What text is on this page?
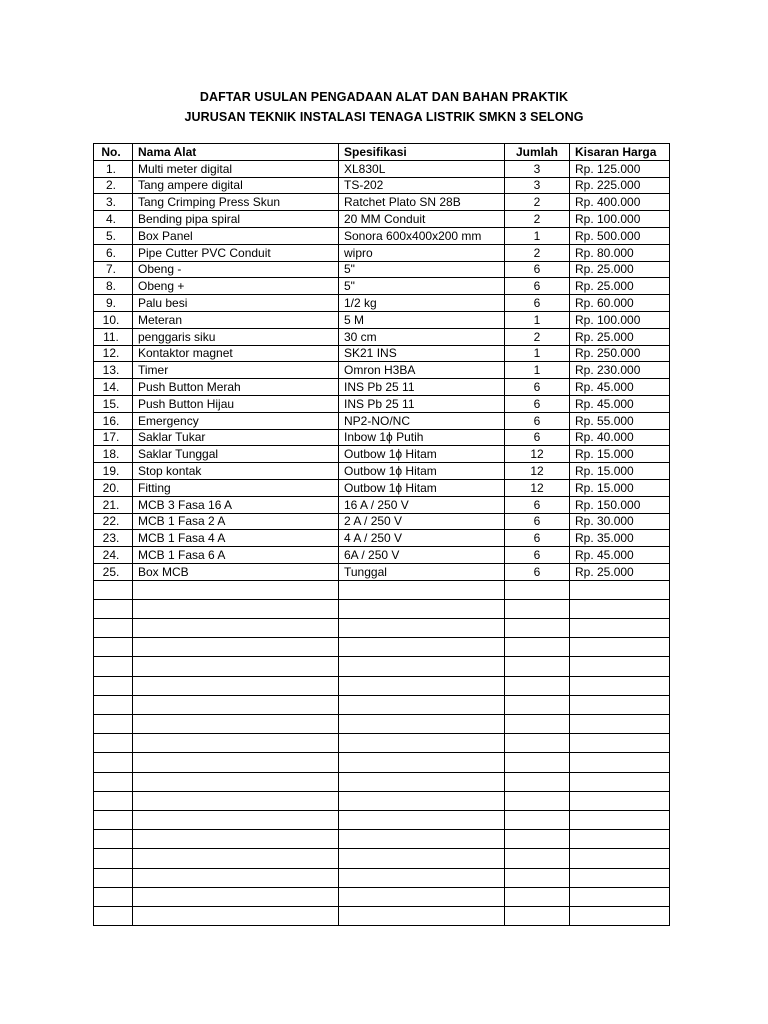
DAFTAR USULAN PENGADAAN ALAT DAN BAHAN PRAKTIK
JURUSAN TEKNIK INSTALASI TENAGA LISTRIK SMKN 3 SELONG
No.	Nama Alat	Spesifikasi	Jumlah	Kisaran Harga
1.	Multi meter digital	XL830L	3	Rp. 125.000
2.	Tang ampere digital	TS-202	3	Rp. 225.000
3.	Tang Crimping Press Skun	Ratchet Plato SN 28B	2	Rp. 400.000
4.	Bending pipa spiral	20 MM Conduit	2	Rp. 100.000
5.	Box Panel	Sonora 600x400x200 mm	1	Rp. 500.000
6.	Pipe Cutter PVC Conduit	wipro	2	Rp. 80.000
7.	Obeng -	5"	6	Rp. 25.000
8.	Obeng +	5"	6	Rp. 25.000
9.	Palu besi	1/2 kg	6	Rp. 60.000
10.	Meteran	5 M	1	Rp. 100.000
11.	penggaris siku	30 cm	2	Rp. 25.000
12.	Kontaktor magnet	SK21 INS	1	Rp. 250.000
13.	Timer	Omron H3BA	1	Rp. 230.000
14.	Push Button Merah	INS Pb 25 11	6	Rp. 45.000
15.	Push Button Hijau	INS Pb 25 11	6	Rp. 45.000
16.	Emergency	NP2-NO/NC	6	Rp. 55.000
17.	Saklar Tukar	Inbow 1ϕ Putih	6	Rp. 40.000
18.	Saklar Tunggal	Outbow 1ϕ Hitam	12	Rp. 15.000
19.	Stop kontak	Outbow 1ϕ Hitam	12	Rp. 15.000
20.	Fitting	Outbow 1ϕ Hitam	12	Rp. 15.000
21.	MCB 3 Fasa 16 A	16 A / 250 V	6	Rp. 150.000
22.	MCB 1 Fasa 2 A	2 A / 250 V	6	Rp. 30.000
23.	MCB 1 Fasa 4 A	4 A / 250 V	6	Rp. 35.000
24.	MCB 1 Fasa 6 A	6A / 250 V	6	Rp. 45.000
25.	Box MCB	Tunggal	6	Rp. 25.000
